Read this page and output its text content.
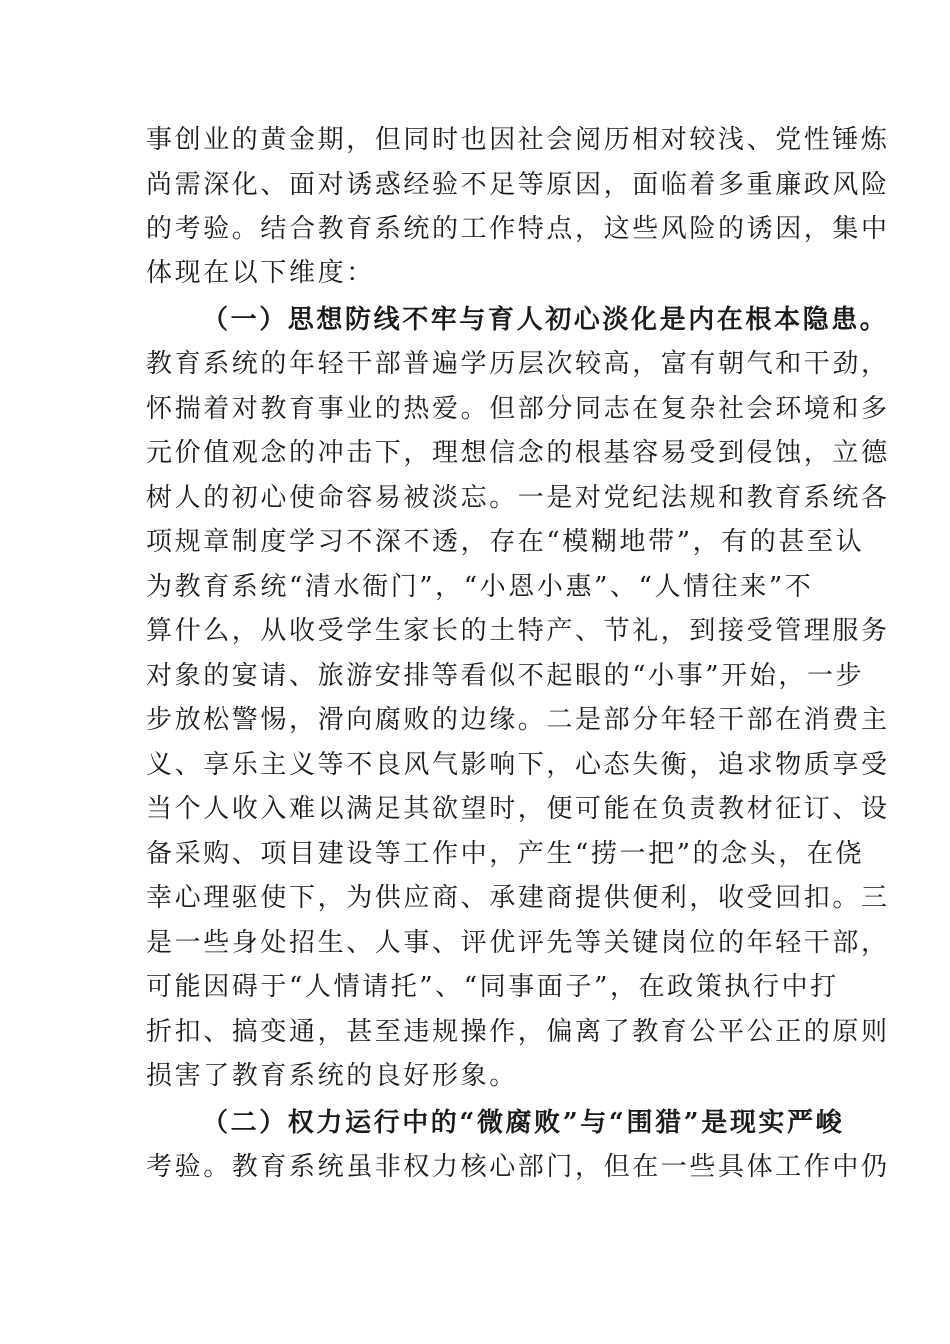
事创业的黄金期，但同时也因社会阅历相对较浅、党性锤炼
尚需深化、面对诱惑经验不足等原因，面临着多重廉政风险
的考验。结合教育系统的工作特点，这些风险的诱因，集中
体现在以下维度：
（一）思想防线不牢与育人初心淡化是内在根本隐患。
教育系统的年轻干部普遍学历层次较高，富有朝气和干劲，
怀揣着对教育事业的热爱。但部分同志在复杂社会环境和多
元价值观念的冲击下，理想信念的根基容易受到侵蚀，立德
树人的初心使命容易被淡忘。一是对党纪法规和教育系统各
项规章制度学习不深不透，存在“模糊地带”，有的甚至认
为教育系统“清水衙门”，“小恩小惠”、“人情往来”不
算什么，从收受学生家长的土特产、节礼，到接受管理服务
对象的宴请、旅游安排等看似不起眼的“小事”开始，一步
步放松警惕，滑向腐败的边缘。二是部分年轻干部在消费主
义、享乐主义等不良风气影响下，心态失衡，追求物质享受
当个人收入难以满足其欲望时，便可能在负责教材征订、设
备采购、项目建设等工作中，产生“捞一把”的念头，在侥
幸心理驱使下，为供应商、承建商提供便利，收受回扣。三
是一些身处招生、人事、评优评先等关键岗位的年轻干部，
可能因碍于“人情请托”、“同事面子”，在政策执行中打
折扣、搞变通，甚至违规操作，偏离了教育公平公正的原则
损害了教育系统的良好形象。
（二）权力运行中的“微腐败”与“围猎”是现实严峻
考验。教育系统虽非权力核心部门，但在一些具体工作中仍
